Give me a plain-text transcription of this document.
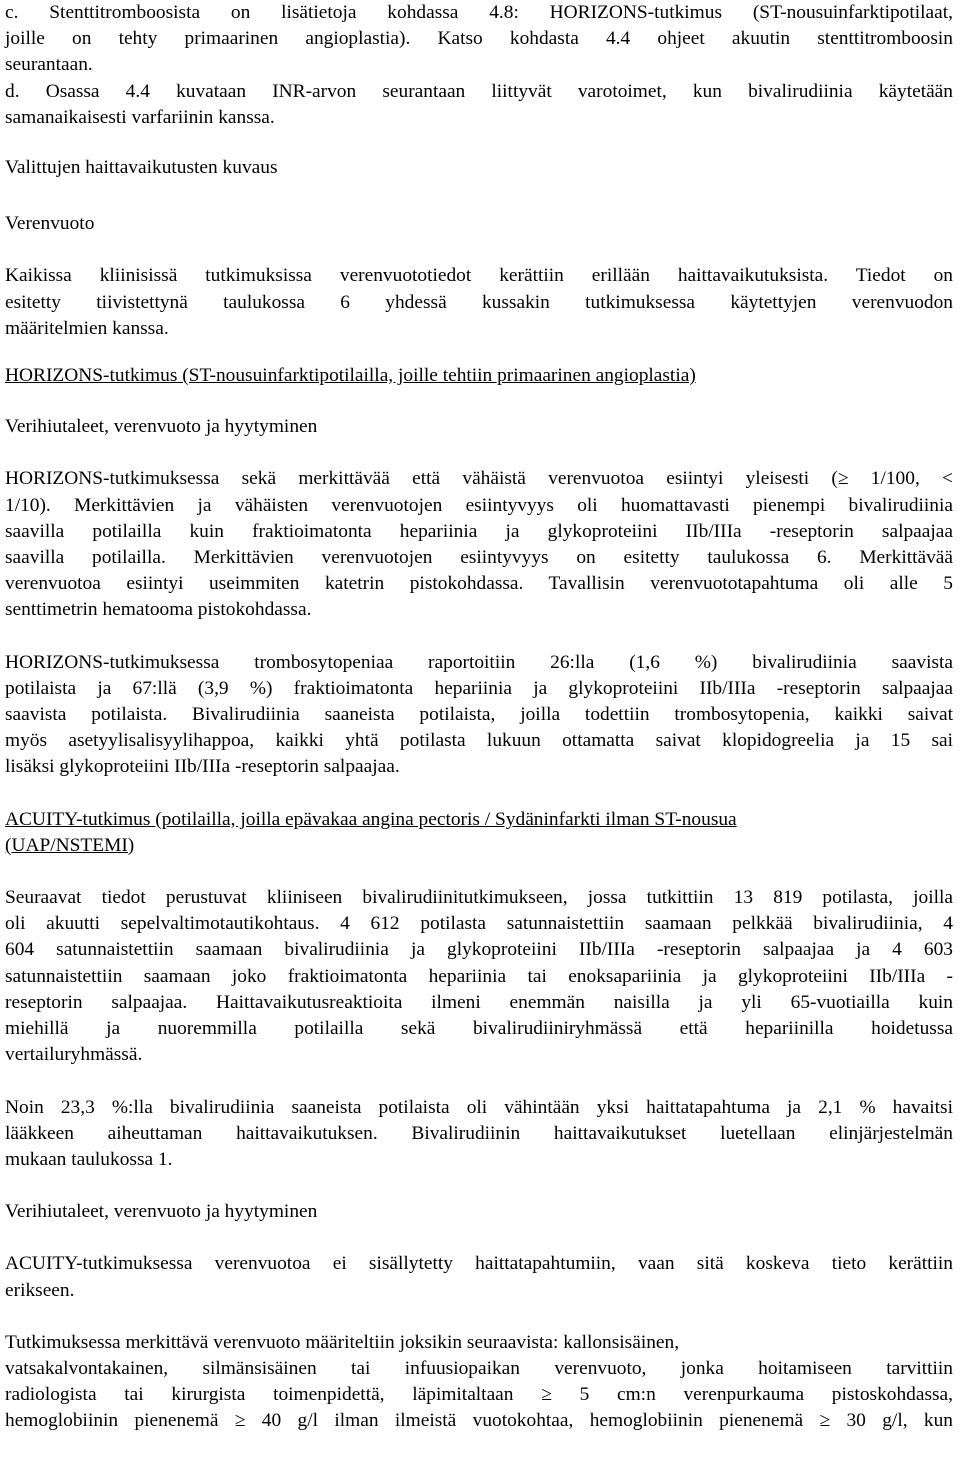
c. Stenttitromboosista on lisätietoja kohdassa 4.8: HORIZONS-tutkimus (ST-nousuinfarktipotilaat,
joille on tehty primaarinen angioplastia). Katso kohdasta 4.4 ohjeet akuutin stenttitromboosin
seurantaan.

d. Osassa 4.4 kuvataan INR-arvon seurantaan liittyvät varotoimet, kun bivalirudiinia käytetään
samanaikaisesti varfariinin kanssa.

Valittujen haittavaikutusten kuvaus

Verenvuoto

Kaikissa kliinisissä tutkimuksissa verenvuototiedot kerättiin erillään haittavaikutuksista. Tiedot on
esitetty tiivistettynä taulukossa 6 yhdessä kussakin tutkimuksessa käytettyjen verenvuodon
määritelmien kanssa.

HORIZONS-tutkimus (ST-nousuinfarktipotilailla, joille tehtiin primaarinen angioplastia)

Verihiutaleet, verenvuoto ja hyytyminen

HORIZONS-tutkimuksessa sekä merkittävää että vähäistä verenvuotoa esiintyi yleisesti (≥ 1/100, <
1/10). Merkittävien ja vähäisten verenvuotojen esiintyvyys oli huomattavasti pienempi bivalirudiinia
saavilla potilailla kuin fraktioimatonta hepariinia ja glykoproteiini IIb/IIIa -reseptorin salpaajaa
saavilla potilailla. Merkittävien verenvuotojen esiintyvyys on esitetty taulukossa 6. Merkittävää
verenvuotoa esiintyi useimmiten katetrin pistokohdassa. Tavallisin verenvuototapahtuma oli alle 5
senttimetrin hematooma pistokohdassa.

HORIZONS-tutkimuksessa trombosytopeniaa raportoitiin 26:lla (1,6 %) bivalirudiinia saavista
potilaista ja 67:llä (3,9 %) fraktioimatonta hepariinia ja glykoproteiini IIb/IIIa -reseptorin salpaajaa
saavista potilaista. Bivalirudiinia saaneista potilaista, joilla todettiin trombosytopenia, kaikki saivat
myös asetyylisalisyylihappoa, kaikki yhtä potilasta lukuun ottamatta saivat klopidogreelia ja 15 sai
lisäksi glykoproteiini IIb/IIIa -reseptorin salpaajaa.

ACUITY-tutkimus (potilailla, joilla epävakaa angina pectoris / Sydäninfarkti ilman ST-nousua
(UAP/NSTEMI)

Seuraavat tiedot perustuvat kliiniseen bivalirudiinitutkimukseen, jossa tutkittiin 13 819 potilasta, joilla
oli akuutti sepelvaltimotautikohtaus. 4 612 potilasta satunnaistettiin saamaan pelkkää bivalirudiinia, 4
604 satunnaistettiin saamaan bivalirudiinia ja glykoproteiini IIb/IIIa -reseptorin salpaajaa ja 4 603
satunnaistettiin saamaan joko fraktioimatonta hepariinia tai enoksapariinia ja glykoproteiini IIb/IIIa -
reseptorin salpaajaa. Haittavaikutusreaktioita ilmeni enemmän naisilla ja yli 65-vuotiailla kuin
miehillä ja nuoremmilla potilailla sekä bivalirudiiniryhmässä että hepariinilla hoidetussa
vertailuryhmässä.

Noin 23,3 %:lla bivalirudiinia saaneista potilaista oli vähintään yksi haittatapahtuma ja 2,1 % havaitsi
lääkkeen aiheuttaman haittavaikutuksen. Bivalirudiinin haittavaikutukset luetellaan elinjärjestelmän
mukaan taulukossa 1.

Verihiutaleet, verenvuoto ja hyytyminen

ACUITY-tutkimuksessa verenvuotoa ei sisällytetty haittatapahtumiin, vaan sitä koskeva tieto kerättiin
erikseen.

Tutkimuksessa merkittävä verenvuoto määriteltiin joksikin seuraavista: kallonsisäinen,
vatsakalvontakainen, silmänsisäinen tai infuusiopaikan verenvuoto, jonka hoitamiseen tarvittiin
radiologista tai kirurgista toimenpidettä, läpimitaltaan ≥ 5 cm:n verenpurkauma pistoskohdassa,
hemoglobiinin pienenemä ≥ 40 g/l ilman ilmeistä vuotokohtaa, hemoglobiinin pienenemä ≥ 30 g/l, kun
